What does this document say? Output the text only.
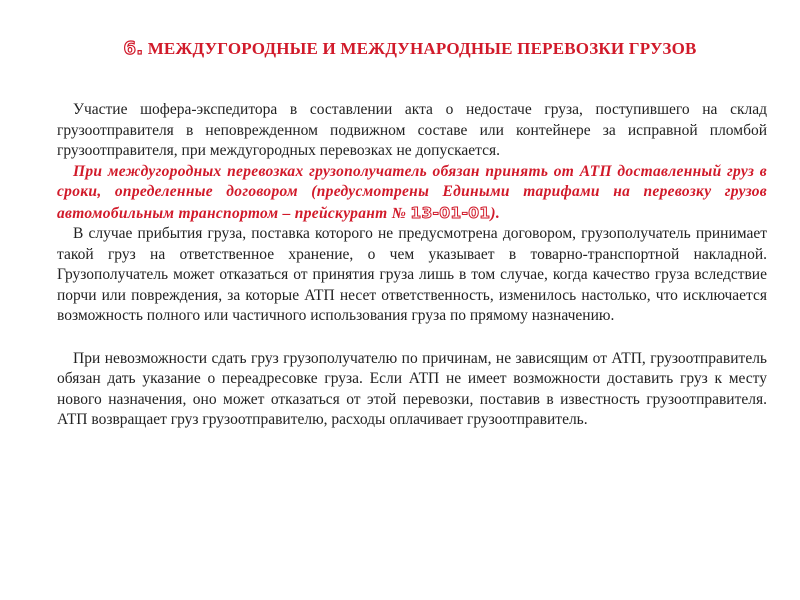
6. МЕЖДУГОРОДНЫЕ И МЕЖДУНАРОДНЫЕ ПЕРЕВОЗКИ ГРУЗОВ

Участие шофера-экспедитора в составлении акта о недостаче груза, поступившего на склад грузоотправителя в неповрежденном подвижном составе или контейнере за исправной пломбой грузоотправителя, при междугородных перевозках не допускается.

При междугородных перевозках грузополучатель обязан принять от АТП доставленный груз в сроки, определенные договором (предусмотрены Едиными тарифами на перевозку грузов автомобильным транспортом – прейскурант № 13-01-01).

В случае прибытия груза, поставка которого не предусмотрена договором, грузополучатель принимает такой груз на ответственное хранение, о чем указывает в товарно-транспортной накладной. Грузополучатель может отказаться от принятия груза лишь в том случае, когда качество груза вследствие порчи или повреждения, за которые АТП несет ответственность, изменилось настолько, что исключается возможность полного или частичного использования груза по прямому назначению.

При невозможности сдать груз грузополучателю по причинам, не зависящим от АТП, грузоотправитель обязан дать указание о переадресовке груза. Если АТП не имеет возможности доставить груз к месту нового назначения, оно может отказаться от этой перевозки, поставив в известность грузоотправителя. АТП возвращает груз грузоотправителю, расходы оплачивает грузоотправитель.
